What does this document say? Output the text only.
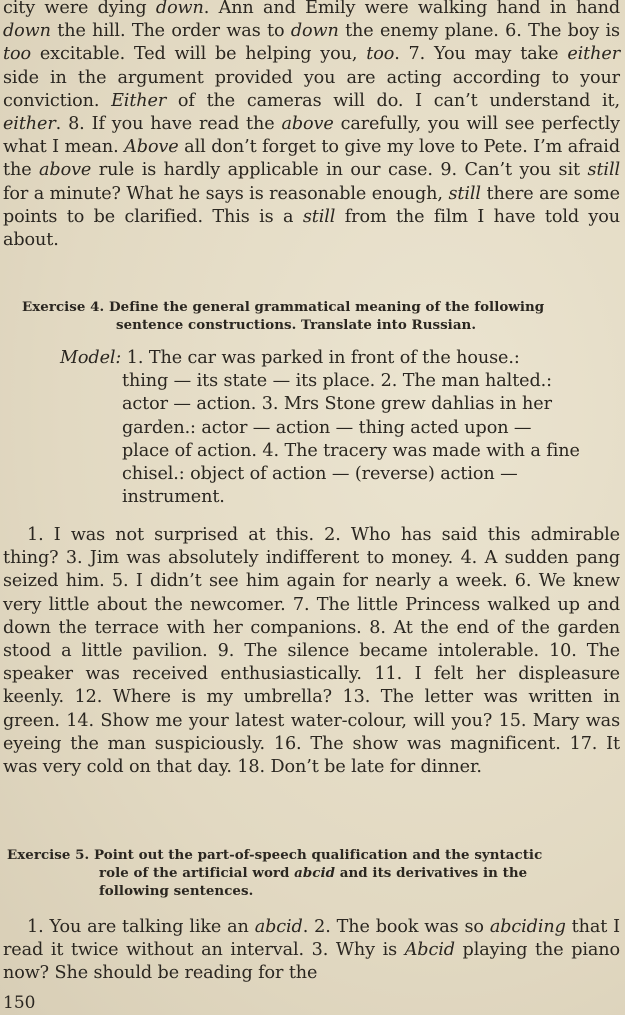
city were dying down. Ann and Emily were walking hand in hand down the hill. The order was to down the enemy plane. 6. The boy is too excitable. Ted will be helping you, too. 7. You may take either side in the argument provided you are acting according to your conviction. Either of the cameras will do. I can’t understand it, either. 8. If you have read the above carefully, you will see perfectly what I mean. Above all don’t forget to give my love to Pete. I’m afraid the above rule is hardly applicable in our case. 9. Can’t you sit still for a minute? What he says is reasonable enough, still there are some points to be clarified. This is a still from the film I have told you about.

Exercise 4. Define the general grammatical meaning of the following
sentence constructions. Translate into Russian.

Model: 1. The car was parked in front of the house.:
thing — its state — its place. 2. The man halted.:
actor — action. 3. Mrs Stone grew dahlias in her
garden.: actor — action — thing acted upon —
place of action. 4. The tracery was made with a fine
chisel.: object of action — (reverse) action —
instrument.

1. I was not surprised at this. 2. Who has said this admirable thing? 3. Jim was absolutely indifferent to money. 4. A sudden pang seized him. 5. I didn’t see him again for nearly a week. 6. We knew very little about the newcomer. 7. The little Princess walked up and down the terrace with her companions. 8. At the end of the garden stood a little pavilion. 9. The silence became intolerable. 10. The speaker was received enthusiastically. 11. I felt her displeasure keenly. 12. Where is my umbrella? 13. The letter was written in green. 14. Show me your latest water-colour, will you? 15. Mary was eyeing the man suspiciously. 16. The show was magnificent. 17. It was very cold on that day. 18. Don’t be late for dinner.

Exercise 5. Point out the part-of-speech qualification and the syntactic
role of the artificial word abcid and its derivatives in the
following sentences.

1. You are talking like an abcid. 2. The book was so abciding that I read it twice without an interval. 3. Why is Abcid playing the piano now? She should be reading for the

150
